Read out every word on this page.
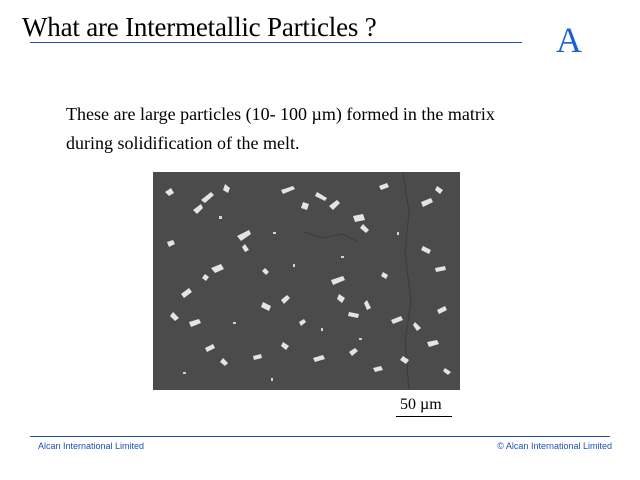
What are Intermetallic Particles ?	A

These are large particles (10- 100 µm) formed in the matrix

during solidification of the melt.

50 µm
Alcan International Limited	© Alcan International Limited
